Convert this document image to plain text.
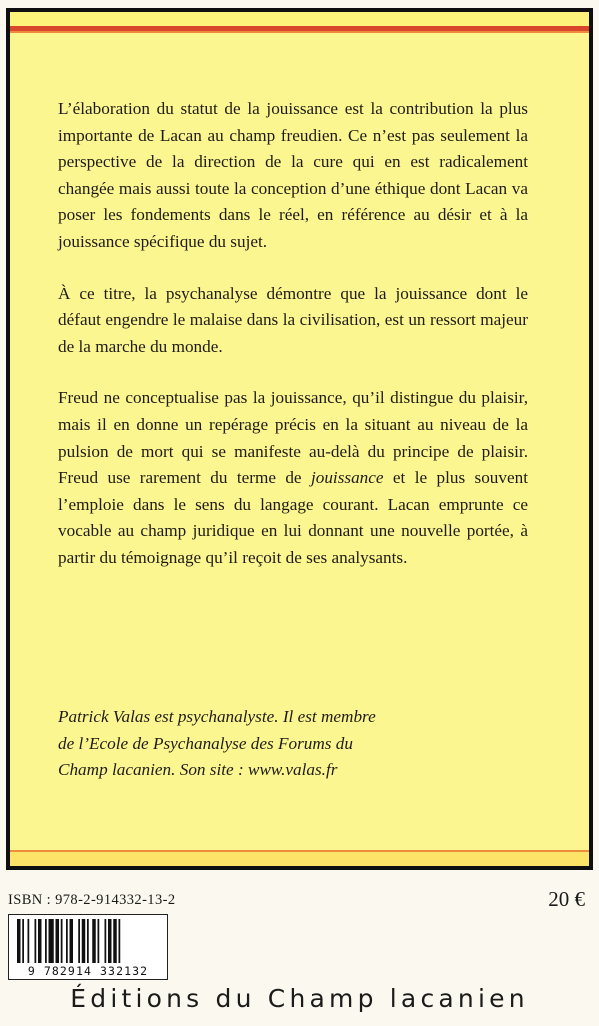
L’élaboration du statut de la jouissance est la contribution la plus importante de Lacan au champ freudien. Ce n’est pas seulement la perspective de la direction de la cure qui en est radicalement changée mais aussi toute la conception d’une éthique dont Lacan va poser les fondements dans le réel, en référence au désir et à la jouissance spécifique du sujet.

À ce titre, la psychanalyse démontre que la jouissance dont le défaut engendre le malaise dans la civilisation, est un ressort majeur de la marche du monde.

Freud ne conceptualise pas la jouissance, qu’il distingue du plaisir, mais il en donne un repérage précis en la situant au niveau de la pulsion de mort qui se manifeste au-delà du principe de plaisir. Freud use rarement du terme de jouissance et le plus souvent l’emploie dans le sens du langage courant. Lacan emprunte ce vocable au champ juridique en lui donnant une nouvelle portée, à partir du témoignage qu’il reçoit de ses analysants.

Patrick Valas est psychanalyste. Il est membre
de l’Ecole de Psychanalyse des Forums du
Champ lacanien. Son site : www.valas.fr
ISBN : 978-2-914332-13-2	20 €
9 782914 332132
Éditions du Champ lacanien
